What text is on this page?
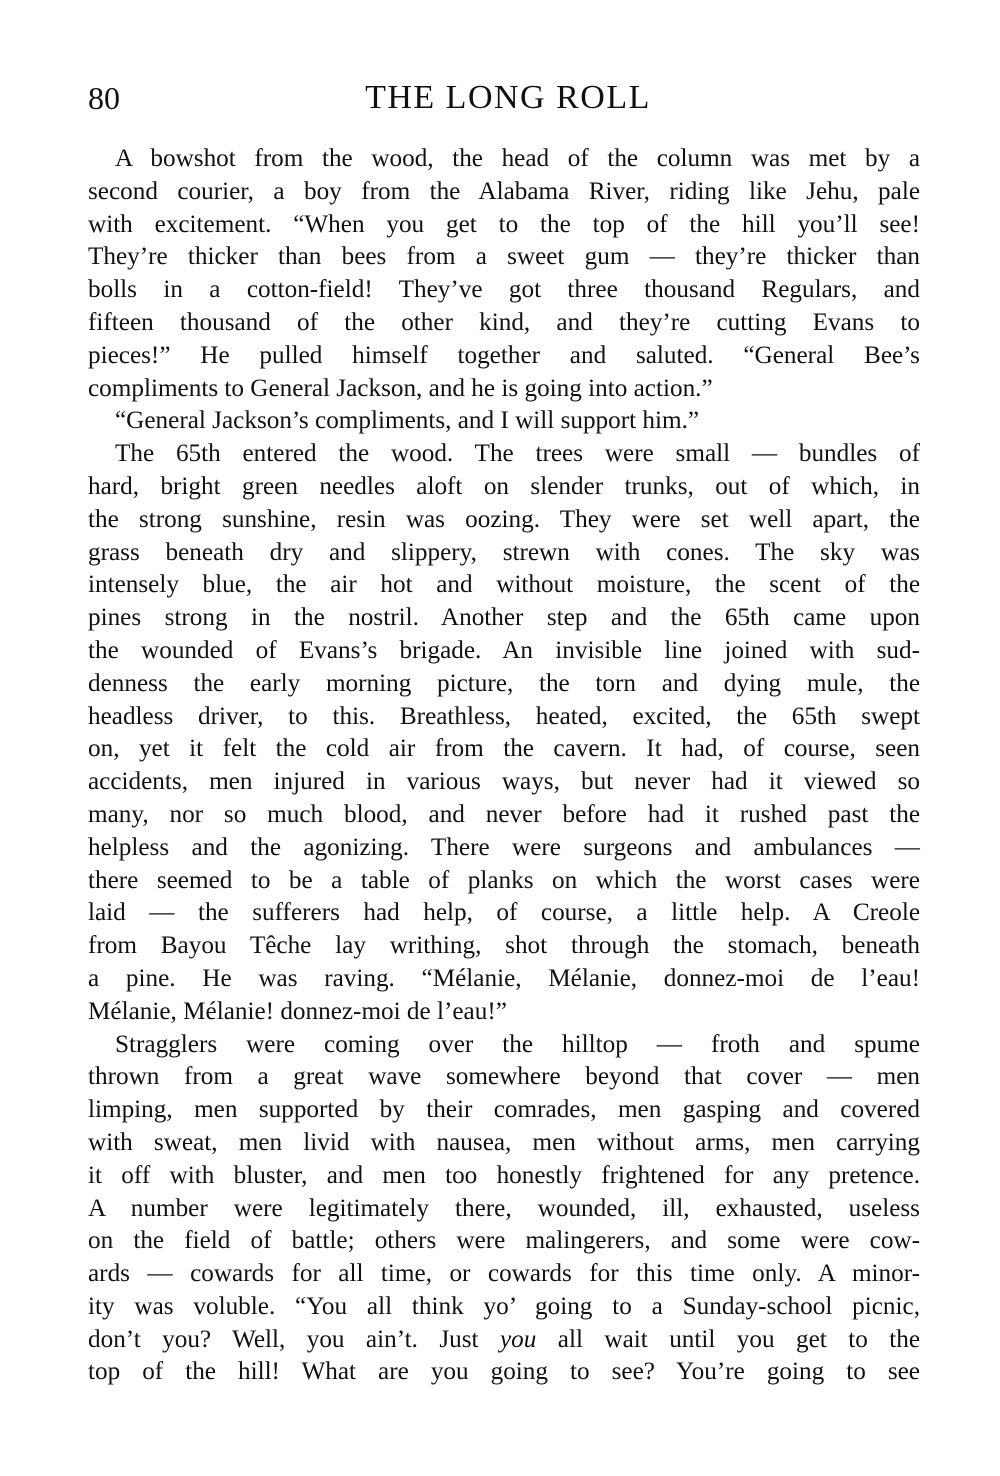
80	THE LONG ROLL
A bowshot from the wood, the head of the column was met by a
second courier, a boy from the Alabama River, riding like Jehu, pale
with excitement. “When you get to the top of the hill you’ll see!
They’re thicker than bees from a sweet gum — they’re thicker than
bolls in a cotton-field! They’ve got three thousand Regulars, and
fifteen thousand of the other kind, and they’re cutting Evans to
pieces!” He pulled himself together and saluted. “General Bee’s
compliments to General Jackson, and he is going into action.”
“General Jackson’s compliments, and I will support him.”
The 65th entered the wood. The trees were small — bundles of
hard, bright green needles aloft on slender trunks, out of which, in
the strong sunshine, resin was oozing. They were set well apart, the
grass beneath dry and slippery, strewn with cones. The sky was
intensely blue, the air hot and without moisture, the scent of the
pines strong in the nostril. Another step and the 65th came upon
the wounded of Evans’s brigade. An invisible line joined with sud-
denness the early morning picture, the torn and dying mule, the
headless driver, to this. Breathless, heated, excited, the 65th swept
on, yet it felt the cold air from the cavern. It had, of course, seen
accidents, men injured in various ways, but never had it viewed so
many, nor so much blood, and never before had it rushed past the
helpless and the agonizing. There were surgeons and ambulances —
there seemed to be a table of planks on which the worst cases were
laid — the sufferers had help, of course, a little help. A Creole
from Bayou Têche lay writhing, shot through the stomach, beneath
a pine. He was raving. “Mélanie, Mélanie, donnez-moi de l’eau!
Mélanie, Mélanie! donnez-moi de l’eau!”
Stragglers were coming over the hilltop — froth and spume
thrown from a great wave somewhere beyond that cover — men
limping, men supported by their comrades, men gasping and covered
with sweat, men livid with nausea, men without arms, men carrying
it off with bluster, and men too honestly frightened for any pretence.
A number were legitimately there, wounded, ill, exhausted, useless
on the field of battle; others were malingerers, and some were cow-
ards — cowards for all time, or cowards for this time only. A minor-
ity was voluble. “You all think yo’ going to a Sunday-school picnic,
don’t you? Well, you ain’t. Just you all wait until you get to the
top of the hill! What are you going to see? You’re going to see
